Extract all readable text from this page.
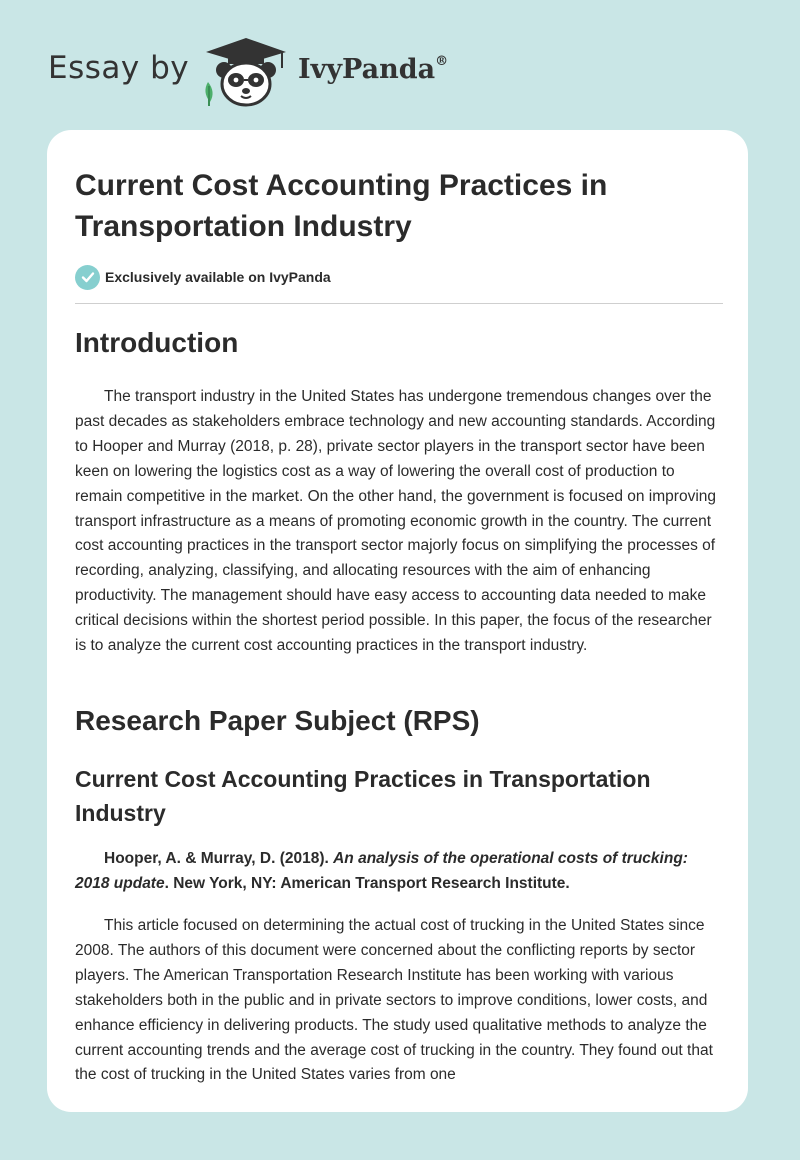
Essay by	IvyPanda®
Current Cost Accounting Practices in Transportation Industry
Exclusively available on IvyPanda
Introduction

The transport industry in the United States has undergone tremendous changes over the past decades as stakeholders embrace technology and new accounting standards. According to Hooper and Murray (2018, p. 28), private sector players in the transport sector have been keen on lowering the logistics cost as a way of lowering the overall cost of production to remain competitive in the market. On the other hand, the government is focused on improving transport infrastructure as a means of promoting economic growth in the country. The current cost accounting practices in the transport sector majorly focus on simplifying the processes of recording, analyzing, classifying, and allocating resources with the aim of enhancing productivity. The management should have easy access to accounting data needed to make critical decisions within the shortest period possible. In this paper, the focus of the researcher is to analyze the current cost accounting practices in the transport industry.

Research Paper Subject (RPS)
Current Cost Accounting Practices in Transportation Industry

Hooper, A. & Murray, D. (2018). An analysis of the operational costs of trucking: 2018 update. New York, NY: American Transport Research Institute.

This article focused on determining the actual cost of trucking in the United States since 2008. The authors of this document were concerned about the conflicting reports by sector players. The American Transportation Research Institute has been working with various stakeholders both in the public and in private sectors to improve conditions, lower costs, and enhance efficiency in delivering products. The study used qualitative methods to analyze the current accounting trends and the average cost of trucking in the country. They found out that the cost of trucking in the United States varies from one
